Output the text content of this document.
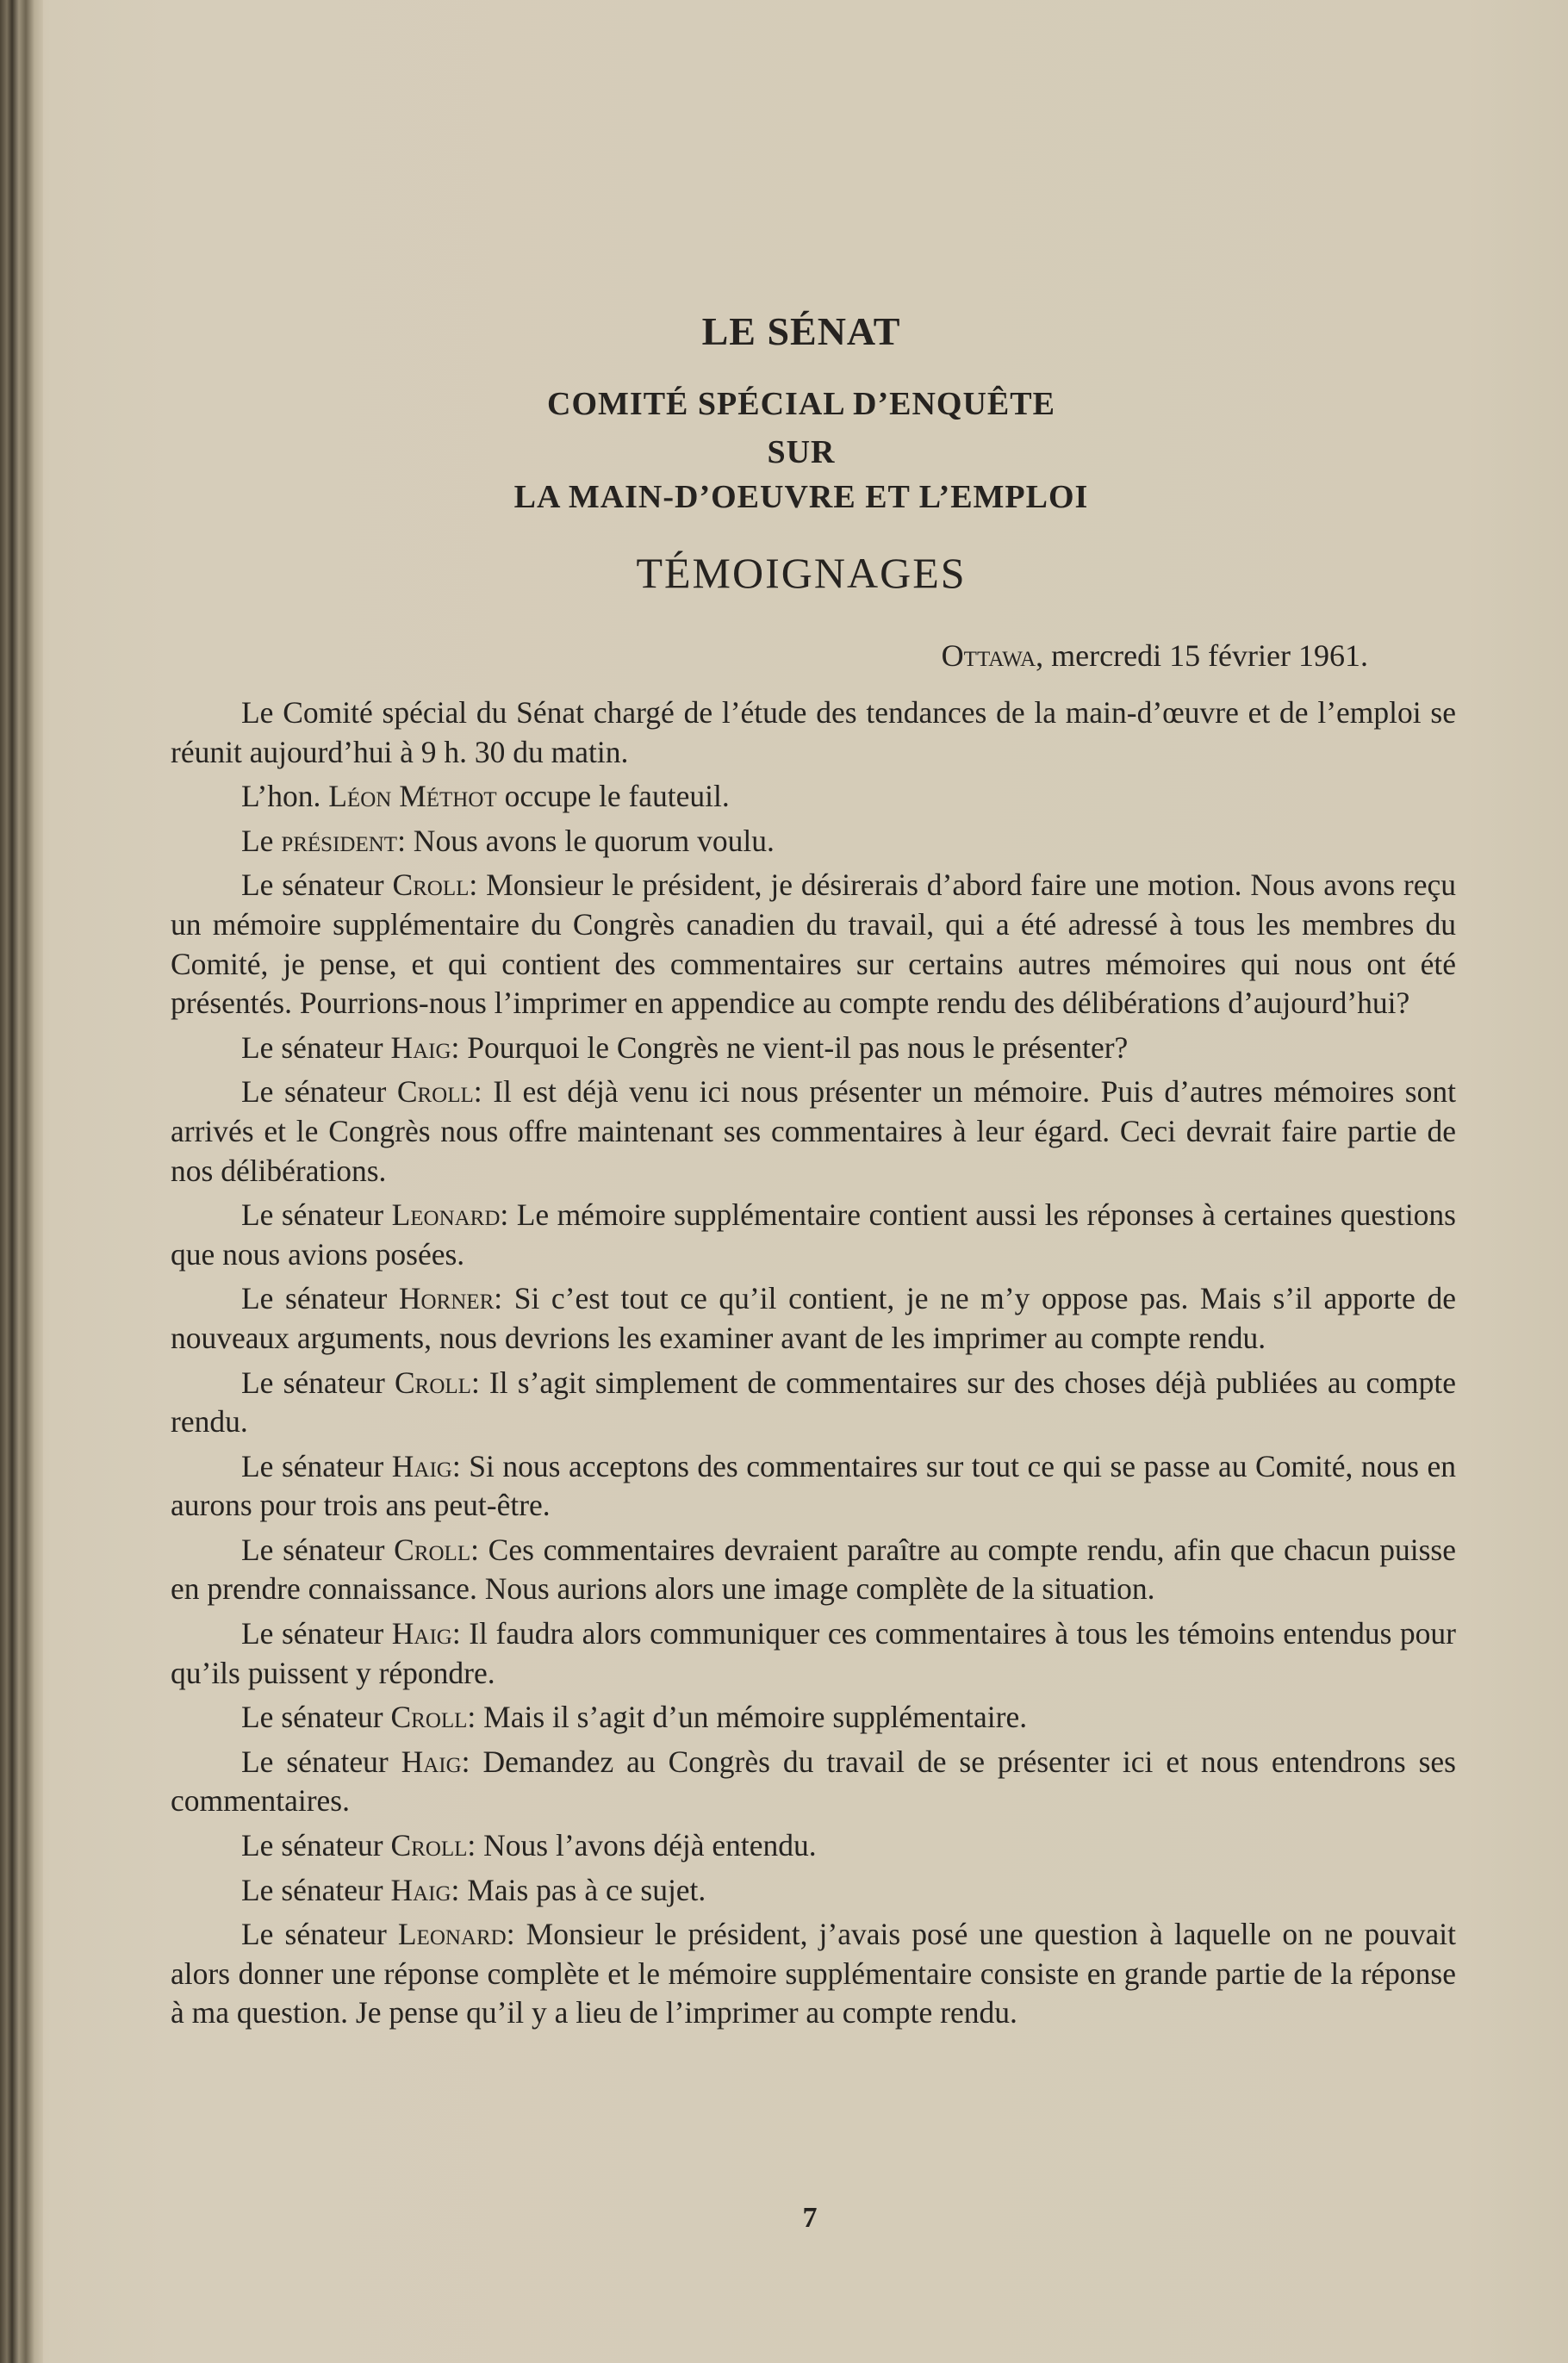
LE SÉNAT
COMITÉ SPÉCIAL D’ENQUÊTE
SUR
LA MAIN-D’OEUVRE ET L’EMPLOI
TÉMOIGNAGES
Ottawa, mercredi 15 février 1961.

Le Comité spécial du Sénat chargé de l’étude des tendances de la main-d’œuvre et de l’emploi se réunit aujourd’hui à 9 h. 30 du matin.

L’hon. Léon Méthot occupe le fauteuil.

Le président: Nous avons le quorum voulu.

Le sénateur Croll: Monsieur le président, je désirerais d’abord faire une motion. Nous avons reçu un mémoire supplémentaire du Congrès canadien du travail, qui a été adressé à tous les membres du Comité, je pense, et qui contient des commentaires sur certains autres mémoires qui nous ont été présentés. Pourrions-nous l’imprimer en appendice au compte rendu des délibérations d’aujourd’hui?

Le sénateur Haig: Pourquoi le Congrès ne vient-il pas nous le présenter?

Le sénateur Croll: Il est déjà venu ici nous présenter un mémoire. Puis d’autres mémoires sont arrivés et le Congrès nous offre maintenant ses commentaires à leur égard. Ceci devrait faire partie de nos délibérations.

Le sénateur Leonard: Le mémoire supplémentaire contient aussi les réponses à certaines questions que nous avions posées.

Le sénateur Horner: Si c’est tout ce qu’il contient, je ne m’y oppose pas. Mais s’il apporte de nouveaux arguments, nous devrions les examiner avant de les imprimer au compte rendu.

Le sénateur Croll: Il s’agit simplement de commentaires sur des choses déjà publiées au compte rendu.

Le sénateur Haig: Si nous acceptons des commentaires sur tout ce qui se passe au Comité, nous en aurons pour trois ans peut-être.

Le sénateur Croll: Ces commentaires devraient paraître au compte rendu, afin que chacun puisse en prendre connaissance. Nous aurions alors une image complète de la situation.

Le sénateur Haig: Il faudra alors communiquer ces commentaires à tous les témoins entendus pour qu’ils puissent y répondre.

Le sénateur Croll: Mais il s’agit d’un mémoire supplémentaire.

Le sénateur Haig: Demandez au Congrès du travail de se présenter ici et nous entendrons ses commentaires.

Le sénateur Croll: Nous l’avons déjà entendu.

Le sénateur Haig: Mais pas à ce sujet.

Le sénateur Leonard: Monsieur le président, j’avais posé une question à laquelle on ne pouvait alors donner une réponse complète et le mémoire supplémentaire consiste en grande partie de la réponse à ma question. Je pense qu’il y a lieu de l’imprimer au compte rendu.

7
